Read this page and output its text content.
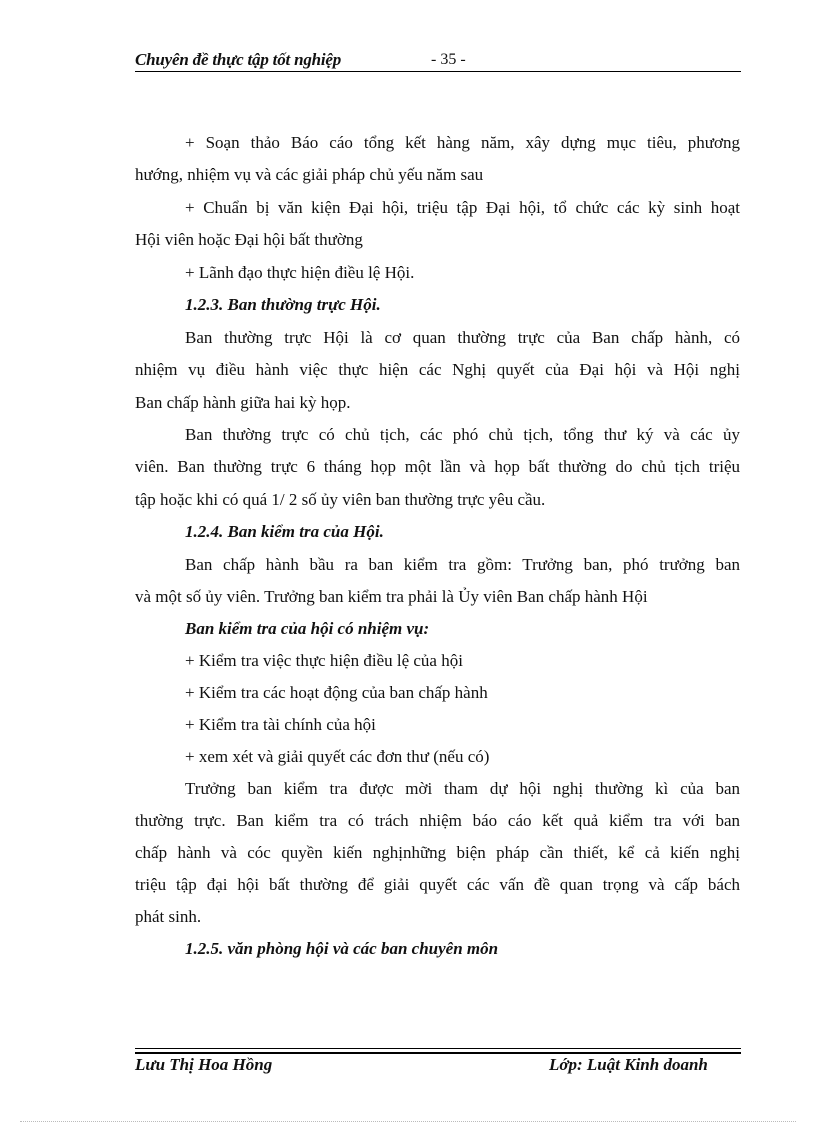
Chuyên đề thực tập tốt nghiệp	- 35 -
+ Soạn thảo Báo cáo tổng kết hàng năm, xây dựng mục tiêu, phương
hướng, nhiệm vụ và các giải pháp chủ yếu năm sau
+ Chuẩn bị văn kiện Đại hội, triệu tập Đại hội, tổ chức các kỳ sinh hoạt
Hội viên hoặc Đại hội bất thường
+ Lãnh đạo thực hiện điều lệ Hội.
1.2.3. Ban thường trực Hội.
Ban thường trực Hội là cơ quan thường trực của Ban chấp hành, có
nhiệm vụ điều hành việc thực hiện các Nghị quyết của Đại hội và Hội nghị
Ban chấp hành giữa hai kỳ họp.
Ban thường trực có chủ tịch, các phó chủ tịch, tổng thư ký và các ủy
viên. Ban thường trực 6 tháng họp một lần và họp bất thường do chủ tịch triệu
tập hoặc khi có quá 1/ 2 số ủy viên ban thường trực yêu cầu.
1.2.4. Ban kiểm tra của Hội.
Ban chấp hành bầu ra ban kiểm tra gồm: Trưởng ban, phó trưởng ban
và một số ủy viên. Trưởng ban kiểm tra phải là Ủy viên Ban chấp hành Hội
Ban kiểm tra của hội có nhiệm vụ:
+ Kiểm tra việc thực hiện điều lệ của hội
+ Kiểm tra các hoạt động của ban chấp hành
+ Kiểm tra tài chính của hội
+ xem xét và giải quyết các đơn thư (nếu có)
Trưởng ban kiểm tra được mời tham dự hội nghị thường kì của ban
thường trực. Ban kiểm tra có trách nhiệm báo cáo kết quả kiểm tra với ban
chấp hành và cóc quyền kiến nghịnhững biện pháp cần thiết, kể cả kiến nghị
triệu tập đại hội bất thường để giải quyết các vấn đề quan trọng và cấp bách
phát sinh.
1.2.5. văn phòng hội và các ban chuyên môn
Lưu Thị Hoa Hồng	Lớp: Luật Kinh doanh
